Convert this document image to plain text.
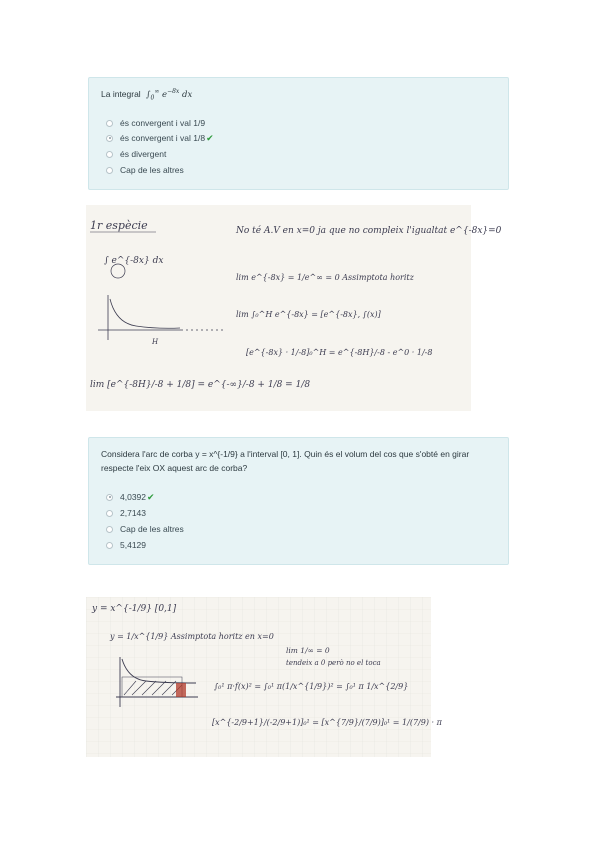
La integral $\int_0^\infty$ $e^{-8x}$ dx
és convergent i val 1/9
és convergent i val 1/8 ✔
és divergent
Cap de les altres
1r espècie
∫ e^{-8x} dx
No té A.V en x=0 ja que no compleix l'igualtat e^{-8x}=0
lim e^{-8x} = 1/e^∞ = 0 Assimptota horitz
lim ∫₀^H e^{-8x} = [e^{-8x}, ∫(x)]
[e^{-8x} · 1/-8]₀^H = e^{-8H}/-8 - e^0 · 1/-8
lim [e^{-8H}/-8 + 1/8] = e^{-∞}/-8 + 1/8 = 1/8
H
Considera l'arc de corba y = x^{-1/9} a l'interval [0, 1]. Quin és el volum del cos que s'obté en girar respecte l'eix OX aquest arc de corba?
4,0392 ✔
2,7143
Cap de les altres
5,4129
y = x^{-1/9} [0,1]
y = 1/x^{1/9} Assimptota horitz en x=0
lim 1/∞ = 0
tendeix a 0 però no el toca
∫₀¹ π·f(x)² = ∫₀¹ π(1/x^{1/9})² = ∫₀¹ π 1/x^{2/9}
[x^{-2/9+1}/(-2/9+1)]₀¹ = [x^{7/9}/(7/9)]₀¹ = 1/(7/9) · π
